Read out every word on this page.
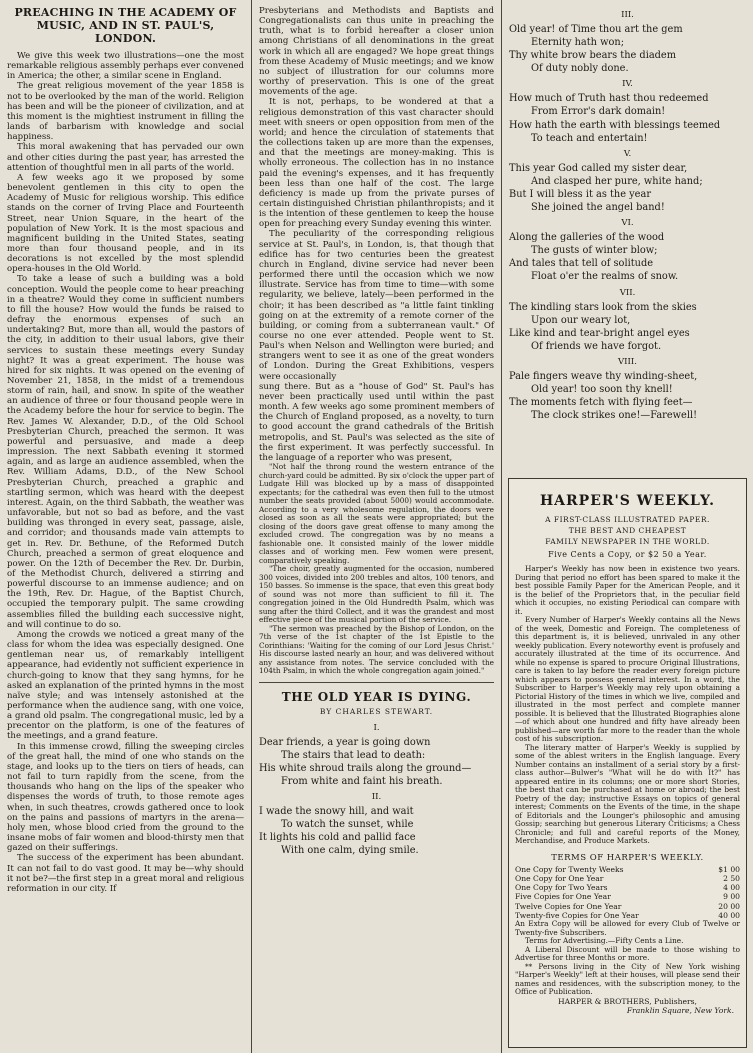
PREACHING IN THE ACADEMY OF MUSIC, AND IN ST. PAUL'S, LONDON.

We give this week two illustrations—one the most remarkable religious assembly perhaps ever convened in America; the other, a similar scene in England.

The great religious movement of the year 1858 is not to be overlooked by the man of the world. Religion has been and will be the pioneer of civilization, and at this moment is the mightiest instrument in filling the lands of barbarism with knowledge and social happiness.

This moral awakening that has pervaded our own and other cities during the past year, has arrested the attention of thoughtful men in all parts of the world.

A few weeks ago it we proposed by some benevolent gentlemen in this city to open the Academy of Music for religious worship. This edifice stands on the corner of Irving Place and Fourteenth Street, near Union Square, in the heart of the population of New York. It is the most spacious and magnificent building in the United States, seating more than four thousand people, and in its decorations is not excelled by the most splendid opera-houses in the Old World.

To take a lease of such a building was a bold conception. Would the people come to hear preaching in a theatre? Would they come in sufficient numbers to fill the house? How would the funds be raised to defray the enormous expenses of such an undertaking? But, more than all, would the pastors of the city, in addition to their usual labors, give their services to sustain these meetings every Sunday night? It was a great experiment. The house was hired for six nights. It was opened on the evening of November 21, 1858, in the midst of a tremendous storm of rain, hail, and snow. In spite of the weather an audience of three or four thousand people were in the Academy before the hour for service to begin. The Rev. James W. Alexander, D.D., of the Old School Presbyterian Church, preached the sermon. It was powerful and persuasive, and made a deep impression. The next Sabbath evening it stormed again, and as large an audience assembled, when the Rev. William Adams, D.D., of the New School Presbyterian Church, preached a graphic and startling sermon, which was heard with the deepest interest. Again, on the third Sabbath, the weather was unfavorable, but not so bad as before, and the vast building was thronged in every seat, passage, aisle, and corridor; and thousands made vain attempts to get in. Rev. Dr. Bethune, of the Reformed Dutch Church, preached a sermon of great eloquence and power. On the 12th of December the Rev. Dr. Durbin, of the Methodist Church, delivered a stirring and powerful discourse to an immense audience; and on the 19th, Rev. Dr. Hague, of the Baptist Church, occupied the temporary pulpit. The same crowding assemblies filled the building each successive night, and will continue to do so.

Among the crowds we noticed a great many of the class for whom the idea was especially designed. One gentleman near us, of remarkably intelligent appearance, had evidently not sufficient experience in church-going to know that they sang hymns, for he asked an explanation of the printed hymns in the most naïve style; and was intensely astonished at the performance when the audience sang, with one voice, a grand old psalm. The congregational music, led by a precentor on the platform, is one of the features of the meetings, and a grand feature.

In this immense crowd, filling the sweeping circles of the great hall, the mind of one who stands on the stage, and looks up to the tiers on tiers of heads, can not fail to turn rapidly from the scene, from the thousands who hang on the lips of the speaker who dispenses the words of truth, to those remote ages when, in such theatres, crowds gathered once to look on the pains and passions of martyrs in the arena—holy men, whose blood cried from the ground to the insane mobs of fair women and blood-thirsty men that gazed on their sufferings.

The success of the experiment has been abundant. It can not fail to do vast good. It may be—why should it not be?—the first step in a great moral and religious reformation in our city. If

Presbyterians and Methodists and Baptists and Congregationalists can thus unite in preaching the truth, what is to forbid hereafter a closer union among Christians of all denominations in the great work in which all are engaged? We hope great things from these Academy of Music meetings; and we know no subject of illustration for our columns more worthy of preservation. This is one of the great movements of the age.

It is not, perhaps, to be wondered at that a religious demonstration of this vast character should meet with sneers or open opposition from men of the world; and hence the circulation of statements that the collections taken up are more than the expenses, and that the meetings are money-making. This is wholly erroneous. The collection has in no instance paid the evening's expenses, and it has frequently been less than one half of the cost. The large deficiency is made up from the private purses of certain distinguished Christian philanthropists; and it is the intention of these gentlemen to keep the house open for preaching every Sunday evening this winter.

The peculiarity of the corresponding religious service at St. Paul's, in London, is, that though that edifice has for two centuries been the greatest church in England, divine service had never been performed there until the occasion which we now illustrate. Service has from time to time—with some regularity, we believe, lately—been performed in the choir; it has been described as "a little faint tinkling going on at the extremity of a remote corner of the building, or coming from a subterranean vault." Of course no one ever attended. People went to St. Paul's when Nelson and Wellington were buried; and strangers went to see it as one of the great wonders of London. During the Great Exhibitions, vespers were occasionally

sung there. But as a "house of God" St. Paul's has never been practically used until within the past month. A few weeks ago some prominent members of the Church of England proposed, as a novelty, to turn to good account the grand cathedrals of the British metropolis, and St. Paul's was selected as the site of the first experiment. It was perfectly successful. In the language of a reporter who was present,

"Not half the throng round the western entrance of the church-yard could be admitted. By six o'clock the upper part of Ludgate Hill was blocked up by a mass of disappointed expectants; for the cathedral was even then full to the utmost number the seats provided (about 5000) would accommodate. According to a very wholesome regulation, the doors were closed as soon as all the seats were appropriated; but the closing of the doors gave great offense to many among the excluded crowd. The congregation was by no means a fashionable one. It consisted mainly of the lower middle classes and of working men. Few women were present, comparatively speaking.

"The choir, greatly augmented for the occasion, numbered 300 voices, divided into 200 trebles and altos, 100 tenors, and 150 basses. So immense is the space, that even this great body of sound was not more than sufficient to fill it. The congregation joined in the Old Hundredth Psalm, which was sung after the third Collect, and it was the grandest and most effective piece of the musical portion of the service.

"The sermon was preached by the Bishop of London, on the 7th verse of the 1st chapter of the 1st Epistle to the Corinthians: 'Waiting for the coming of our Lord Jesus Christ.' His discourse lasted nearly an hour, and was delivered without any assistance from notes. The service concluded with the 104th Psalm, in which the whole congregation again joined."

THE OLD YEAR IS DYING.
BY CHARLES STEWART.
I.
Dear friends, a year is going down
The stairs that lead to death:
His white shroud trails along the ground—
From white and faint his breath.
II.
I wade the snowy hill, and wait
To watch the sunset, while
It lights his cold and pallid face
With one calm, dying smile.
III.
Old year! of Time thou art the gem
Eternity hath won;
Thy white brow bears the diadem
Of duty nobly done.
IV.
How much of Truth hast thou redeemed
From Error's dark domain!
How hath the earth with blessings teemed
To teach and entertain!
V.
This year God called my sister dear,
And clasped her pure, white hand;
But I will bless it as the year
She joined the angel band!
VI.
Along the galleries of the wood
The gusts of winter blow;
And tales that tell of solitude
Float o'er the realms of snow.
VII.
The kindling stars look from the skies
Upon our weary lot,
Like kind and tear-bright angel eyes
Of friends we have forgot.
VIII.
Pale fingers weave thy winding-sheet,
Old year! too soon thy knell!
The moments fetch with flying feet—
The clock strikes one!—Farewell!
HARPER'S WEEKLY.
A FIRST-CLASS ILLUSTRATED PAPER.
THE BEST AND CHEAPEST
FAMILY NEWSPAPER IN THE WORLD.
Five Cents a Copy, or $2 50 a Year.

Harper's Weekly has now been in existence two years. During that period no effort has been spared to make it the best possible Family Paper for the American People, and it is the belief of the Proprietors that, in the peculiar field which it occupies, no existing Periodical can compare with it.

Every Number of Harper's Weekly contains all the News of the week, Domestic and Foreign. The completeness of this department is, it is believed, unrivaled in any other weekly publication. Every noteworthy event is profusely and accurately illustrated at the time of its occurrence. And while no expense is spared to procure Original Illustrations, care is taken to lay before the reader every foreign picture which appears to possess general interest. In a word, the Subscriber to Harper's Weekly may rely upon obtaining a Pictorial History of the times in which we live, compiled and illustrated in the most perfect and complete manner possible. It is believed that the Illustrated Biographies alone—of which about one hundred and fifty have already been published—are worth far more to the reader than the whole cost of his subscription.

The literary matter of Harper's Weekly is supplied by some of the ablest writers in the English language. Every Number contains an installment of a serial story by a first-class author—Bulwer's "What will he do with It?" has appeared entire in its columns; one or more short Stories, the best that can be purchased at home or abroad; the best Poetry of the day; instructive Essays on topics of general interest; Comments on the Events of the time, in the shape of Editorials and the Lounger's philosophic and amusing Gossip; searching but generous Literary Criticisms; a Chess Chronicle; and full and careful reports of the Money, Merchandise, and Produce Markets.

TERMS OF HARPER'S WEEKLY.
One Copy for Twenty Weeks	$1 00
One Copy for One Year	2 50
One Copy for Two Years	4 00
Five Copies for One Year	9 00
Twelve Copies for One Year	20 00
Twenty-five Copies for One Year	40 00

An Extra Copy will be allowed for every Club of Twelve or Twenty-five Subscribers.

Terms for Advertising.—Fifty Cents a Line.

A Liberal Discount will be made to those wishing to Advertise for three Months or more.

** Persons living in the City of New York wishing "Harper's Weekly" left at their houses, will please send their names and residences, with the subscription money, to the Office of Publication.

HARPER & BROTHERS, Publishers,
Franklin Square, New York.
